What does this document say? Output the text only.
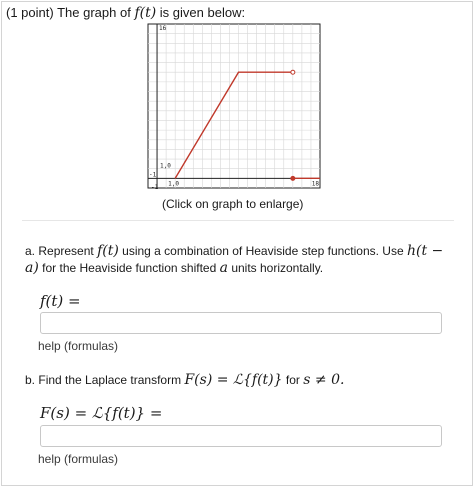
(1 point) The graph of f(t) is given below:
16
1,0
-1
18
-1
1,0
(Click on graph to enlarge)
a. Represent f(t) using a combination of Heaviside step functions. Use h(t − a) for the Heaviside function shifted a units horizontally.
f(t) =
help (formulas)
b. Find the Laplace transform F(s) = ℒ{f(t)} for s ≠ 0.
F(s) = ℒ{f(t)} =
help (formulas)
